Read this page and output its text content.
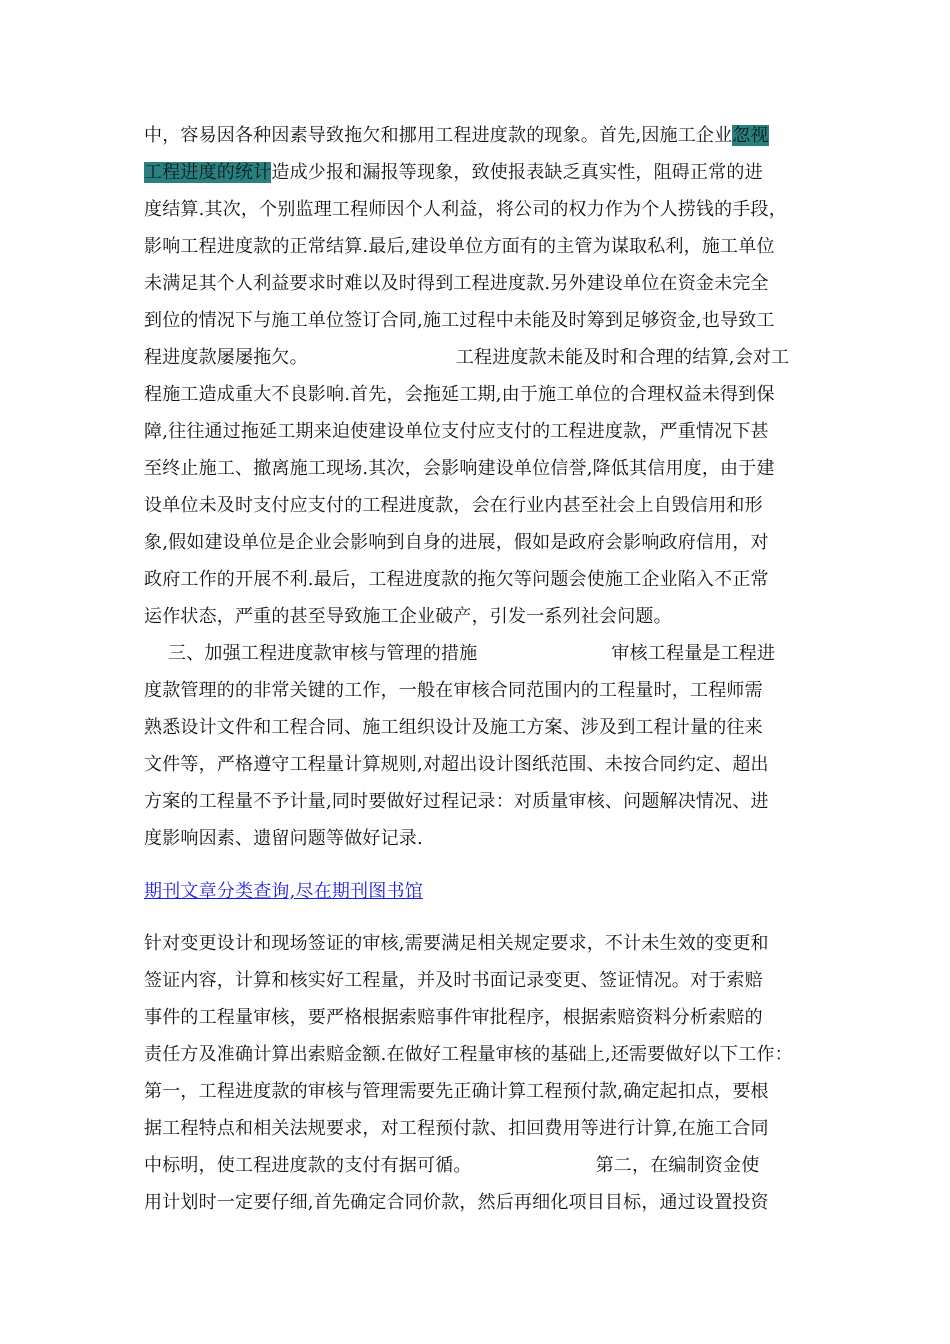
中，容易因各种因素导致拖欠和挪用工程进度款的现象。首先,因施工企业忽视
工程进度的统计造成少报和漏报等现象，致使报表缺乏真实性，阻碍正常的进
度结算.其次，个别监理工程师因个人利益，将公司的权力作为个人捞钱的手段，
影响工程进度款的正常结算.最后,建设单位方面有的主管为谋取私利，施工单位
未满足其个人利益要求时难以及时得到工程进度款.另外建设单位在资金未完全
到位的情况下与施工单位签订合同,施工过程中未能及时筹到足够资金,也导致工
程进度款屡屡拖欠。	工程进度款未能及时和合理的结算,会对工
程施工造成重大不良影响.首先，会拖延工期,由于施工单位的合理权益未得到保
障,往往通过拖延工期来迫使建设单位支付应支付的工程进度款，严重情况下甚
至终止施工、撤离施工现场.其次，会影响建设单位信誉,降低其信用度，由于建
设单位未及时支付应支付的工程进度款，会在行业内甚至社会上自毁信用和形
象,假如建设单位是企业会影响到自身的进展，假如是政府会影响政府信用，对
政府工作的开展不利.最后，工程进度款的拖欠等问题会使施工企业陷入不正常
运作状态，严重的甚至导致施工企业破产，引发一系列社会问题。
三、加强工程进度款审核与管理的措施	审核工程量是工程进
度款管理的的非常关键的工作，一般在审核合同范围内的工程量时，工程师需
熟悉设计文件和工程合同、施工组织设计及施工方案、涉及到工程计量的往来
文件等，严格遵守工程量计算规则,对超出设计图纸范围、未按合同约定、超出
方案的工程量不予计量,同时要做好过程记录：对质量审核、问题解决情况、进
度影响因素、遗留问题等做好记录.
期刊文章分类查询,尽在期刊图书馆
针对变更设计和现场签证的审核,需要满足相关规定要求，不计未生效的变更和
签证内容，计算和核实好工程量，并及时书面记录变更、签证情况。对于索赔
事件的工程量审核，要严格根据索赔事件审批程序，根据索赔资料分析索赔的
责任方及准确计算出索赔金额.在做好工程量审核的基础上,还需要做好以下工作：
第一，工程进度款的审核与管理需要先正确计算工程预付款,确定起扣点，要根
据工程特点和相关法规要求，对工程预付款、扣回费用等进行计算,在施工合同
中标明，使工程进度款的支付有据可循。	第二，在编制资金使
用计划时一定要仔细,首先确定合同价款，然后再细化项目目标，通过设置投资
